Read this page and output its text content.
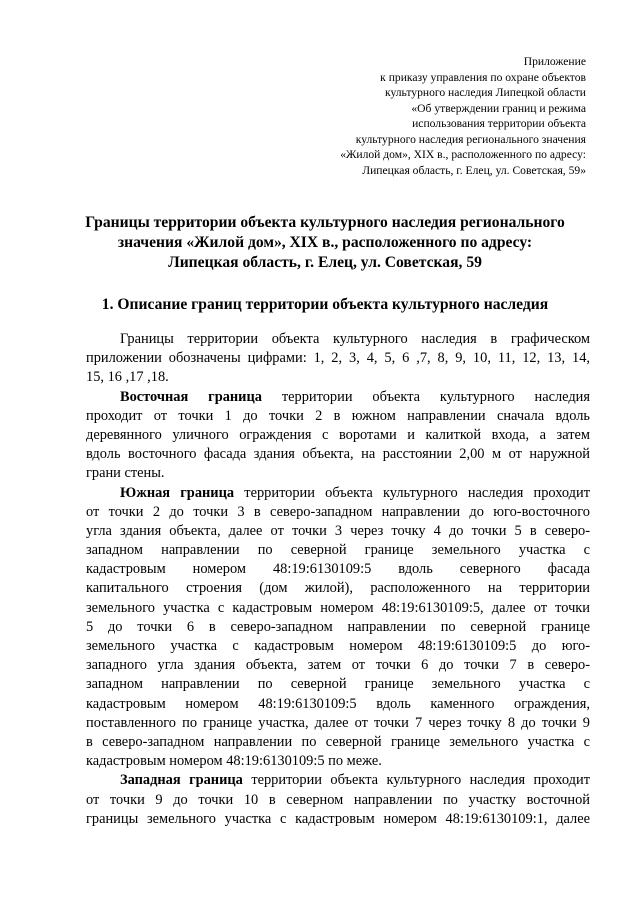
Приложение
к приказу управления по охране объектов
культурного наследия Липецкой области
«Об утверждении границ и режима
использования территории объекта
культурного наследия регионального значения
«Жилой дом», XIX в., расположенного по адресу:
Липецкая область, г. Елец, ул. Советская, 59»
Границы территории объекта культурного наследия регионального
значения «Жилой дом», XIX в., расположенного по адресу:
Липецкая область, г. Елец, ул. Советская, 59
1. Описание границ территории объекта культурного наследия
Границы территории объекта культурного наследия в графическом
приложении обозначены цифрами: 1, 2, 3, 4, 5, 6 ,7, 8, 9, 10, 11, 12, 13, 14,
15, 16 ,17 ,18.
Восточная граница территории объекта культурного наследия
проходит от точки 1 до точки 2 в южном направлении сначала вдоль
деревянного уличного ограждения с воротами и калиткой входа, а затем
вдоль восточного фасада здания объекта, на расстоянии 2,00 м от наружной
грани стены.
Южная граница территории объекта культурного наследия проходит
от точки 2 до точки 3 в северо-западном направлении до юго-восточного
угла здания объекта, далее от точки 3 через точку 4 до точки 5 в северо-
западном направлении по северной границе земельного участка с
кадастровым номером 48:19:6130109:5 вдоль северного фасада
капитального строения (дом жилой), расположенного на территории
земельного участка с кадастровым номером 48:19:6130109:5, далее от точки
5 до точки 6 в северо-западном направлении по северной границе
земельного участка с кадастровым номером 48:19:6130109:5 до юго-
западного угла здания объекта, затем от точки 6 до точки 7 в северо-
западном направлении по северной границе земельного участка с
кадастровым номером 48:19:6130109:5 вдоль каменного ограждения,
поставленного по границе участка, далее от точки 7 через точку 8 до точки 9
в северо-западном направлении по северной границе земельного участка с
кадастровым номером 48:19:6130109:5 по меже.
Западная граница территории объекта культурного наследия проходит
от точки 9 до точки 10 в северном направлении по участку восточной
границы земельного участка с кадастровым номером 48:19:6130109:1, далее
